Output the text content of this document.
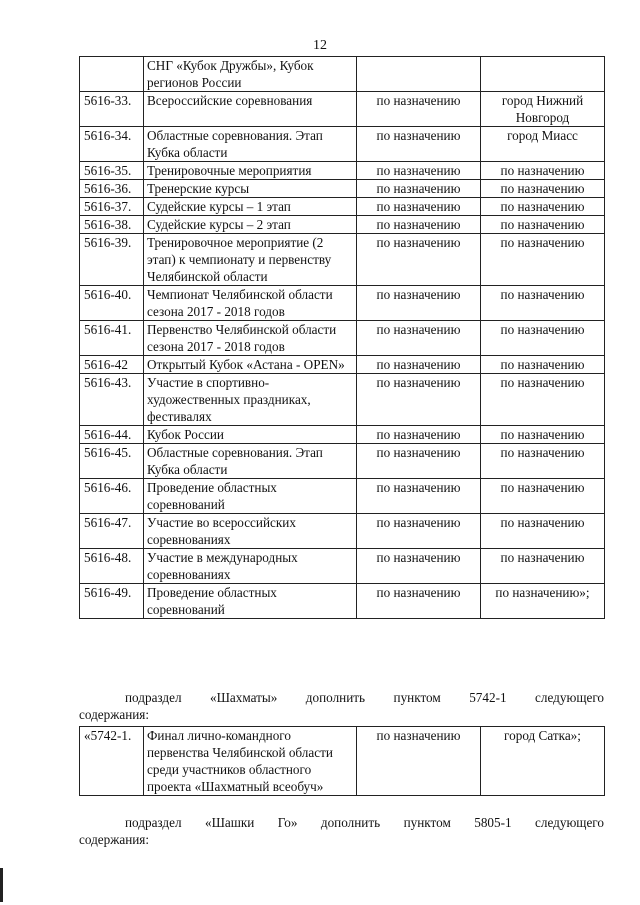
12
	СНГ «Кубок Дружбы», Кубок регионов России		
5616-33.	Всероссийские соревнования	по назначению	город Нижний Новгород
5616-34.	Областные соревнования. Этап Кубка области	по назначению	город Миасс
5616-35.	Тренировочные мероприятия	по назначению	по назначению
5616-36.	Тренерские курсы	по назначению	по назначению
5616-37.	Судейские курсы – 1 этап	по назначению	по назначению
5616-38.	Судейские курсы – 2 этап	по назначению	по назначению
5616-39.	Тренировочное мероприятие (2 этап) к чемпионату и первенству Челябинской области	по назначению	по назначению
5616-40.	Чемпионат Челябинской области сезона 2017 - 2018 годов	по назначению	по назначению
5616-41.	Первенство Челябинской области сезона 2017 - 2018 годов	по назначению	по назначению
5616-42	Открытый Кубок «Астана - OPEN»	по назначению	по назначению
5616-43.	Участие в спортивно-художественных праздниках, фестивалях	по назначению	по назначению
5616-44.	Кубок России	по назначению	по назначению
5616-45.	Областные соревнования. Этап Кубка области	по назначению	по назначению
5616-46.	Проведение областных соревнований	по назначению	по назначению
5616-47.	Участие во всероссийских соревнованиях	по назначению	по назначению
5616-48.	Участие в международных соревнованиях	по назначению	по назначению
5616-49.	Проведение областных соревнований	по назначению	по назначению»;
подраздел «Шахматы» дополнить пунктом 5742-1 следующего
содержания:
«5742-1.	Финал лично-командного первенства Челябинской области среди участников областного проекта «Шахматный всеобуч»	по назначению	город Сатка»;
подраздел «Шашки Го» дополнить пунктом 5805-1 следующего
содержания:
